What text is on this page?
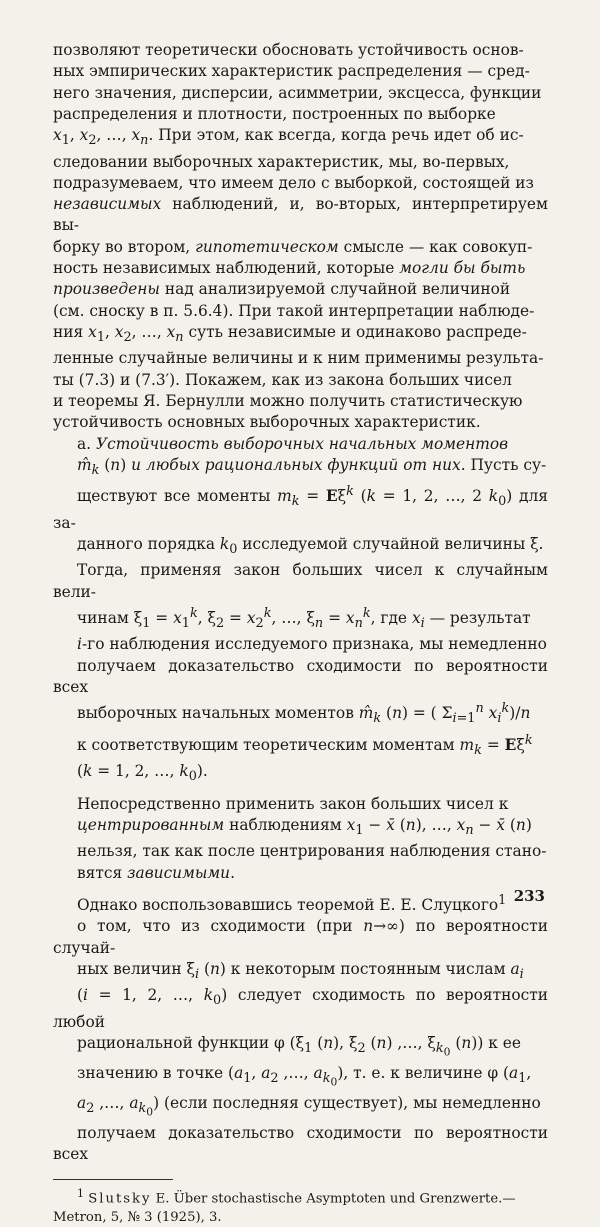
позволяют теоретически обосновать устойчивость основ-
ных эмпирических характеристик распределения — сред-
него значения, дисперсии, асимметрии, эксцесса, функции
распределения и плотности, построенных по выборке
$x_1$, $x_2$, …, $x_n$. При этом, как всегда, когда речь идет об ис-
следовании выборочных характеристик, мы, во-первых,
подразумеваем, что имеем дело с выборкой, состоящей из
независимых наблюдений, и, во-вторых, интерпретируем вы-
борку во втором, гипотетическом смысле — как совокуп-
ность независимых наблюдений, которые могли бы быть
произведены над анализируемой случайной величиной
(см. сноску в п. 5.6.4). При такой интерпретации наблюде-
ния $x_1$, $x_2$, …, $x_n$ суть независимые и одинаково распреде-
ленные случайные величины и к ним применимы результа-
ты (7.3) и (7.3′). Покажем, как из закона больших чисел
и теоремы Я. Бернулли можно получить статистическую
устойчивость основных выборочных характеристик.

а. Устойчивость выборочных начальных моментов
$m̂_k$ (n) и любых рациональных функций от них. Пусть су-
ществуют все моменты $m_k = E\xi^k$ (k = 1, 2, …, 2 $k_0$) для за-
данного порядка $k_0$ исследуемой случайной величины ξ.
Тогда, применяя закон больших чисел к случайным вели-
чинам $\xi_1 = x_1^k$, $\xi_2 = x_2^k$, …, $\xi_n = x_n^k$, где $x_i$ — результат
i-го наблюдения исследуемого признака, мы немедленно
получаем доказательство сходимости по вероятности всех
выборочных начальных моментов $m̂_k$ (n) = ( $\Sigma_{i=1}^n$ $x_i^k)/n$
к соответствующим теоретическим моментам $m_k = E\xi^k$
(k = 1, 2, …, $k_0$).

Непосредственно применить закон больших чисел к
центрированным наблюдениям $x_1$ − x̄ (n), …, $x_n$ − x̄ (n)
нельзя, так как после центрирования наблюдения стано-
вятся зависимыми.

Однако воспользовавшись теоремой Е. Е. Слуцкого$^1$
о том, что из сходимости (при n→∞) по вероятности случай-
ных величин $\xi_i$ (n) к некоторым постоянным числам $a_i$
(i = 1, 2, …, $k_0$) следует сходимость по вероятности любой
рациональной функции φ ($\xi_1$ (n), $\xi_2$ (n) ,…, $\xi_{k_0}$ (n)) к ее
значению в точке ($a_1$, $a_2$ ,…, $a_{k_0}$), т. е. к величине φ ($a_1$,
$a_2$ ,…, $a_{k_0}$) (если последняя существует), мы немедленно
получаем доказательство сходимости по вероятности всех

$^1$ Slutsky E. Über stochastische Asymptoten und Grenzwerte.—
Metron, 5, № 3 (1925), 3.

233
